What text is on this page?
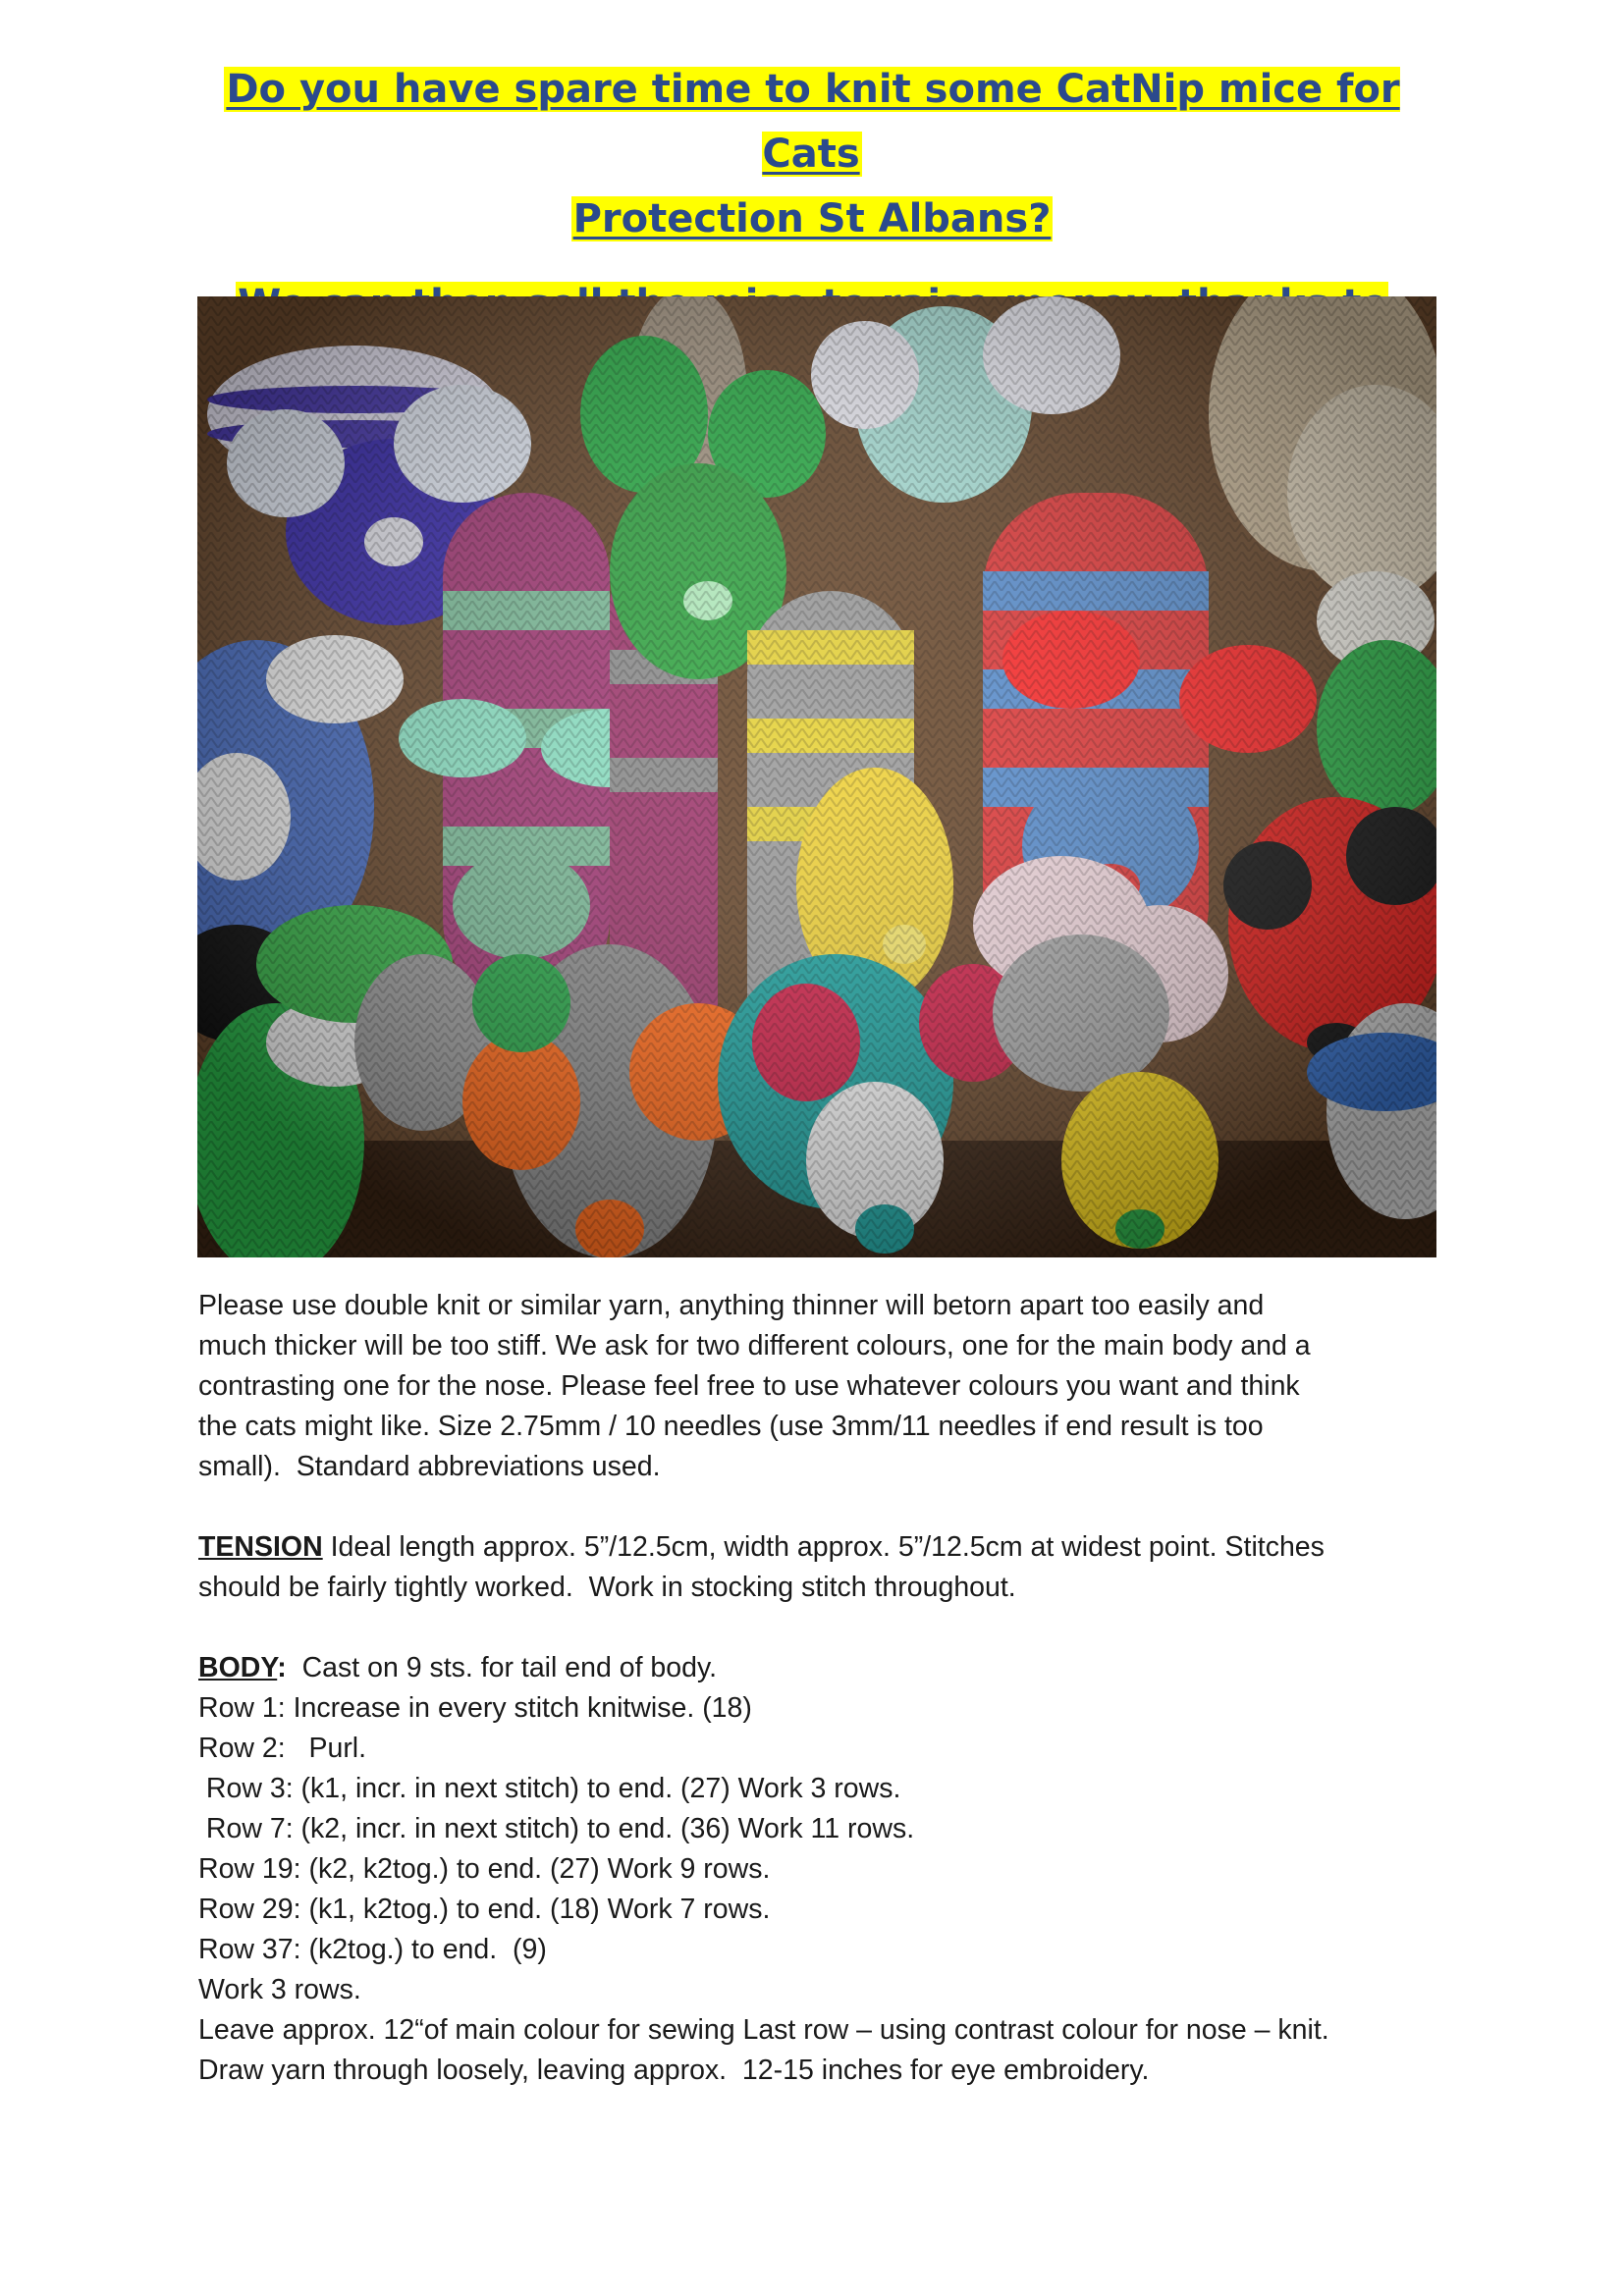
Do you have spare time to knit some CatNip mice for Cats
Protection St Albans?

Please use double knit or similar yarn, anything thinner will betorn apart too easily and
much thicker will be too stiff. We ask for two different colours, one for the main body and a
contrasting one for the nose. Please feel free to use whatever colours you want and think
the cats might like. Size 2.75mm / 10 needles (use 3mm/11 needles if end result is too
small).  Standard abbreviations used.

TENSION Ideal length approx. 5”/12.5cm, width approx. 5”/12.5cm at widest point. Stitches
should be fairly tightly worked.  Work in stocking stitch throughout.

BODY:  Cast on 9 sts. for tail end of body.
Row 1: Increase in every stitch knitwise. (18)
Row 2:   Purl.
Row 3: (k1, incr. in next stitch) to end. (27) Work 3 rows.
Row 7: (k2, incr. in next stitch) to end. (36) Work 11 rows.
Row 19: (k2, k2tog.) to end. (27) Work 9 rows.
Row 29: (k1, k2tog.) to end. (18) Work 7 rows.
Row 37: (k2tog.) to end.  (9)
Work 3 rows.
Leave approx. 12“of main colour for sewing Last row – using contrast colour for nose – knit.
Draw yarn through loosely, leaving approx.  12-15 inches for eye embroidery.
